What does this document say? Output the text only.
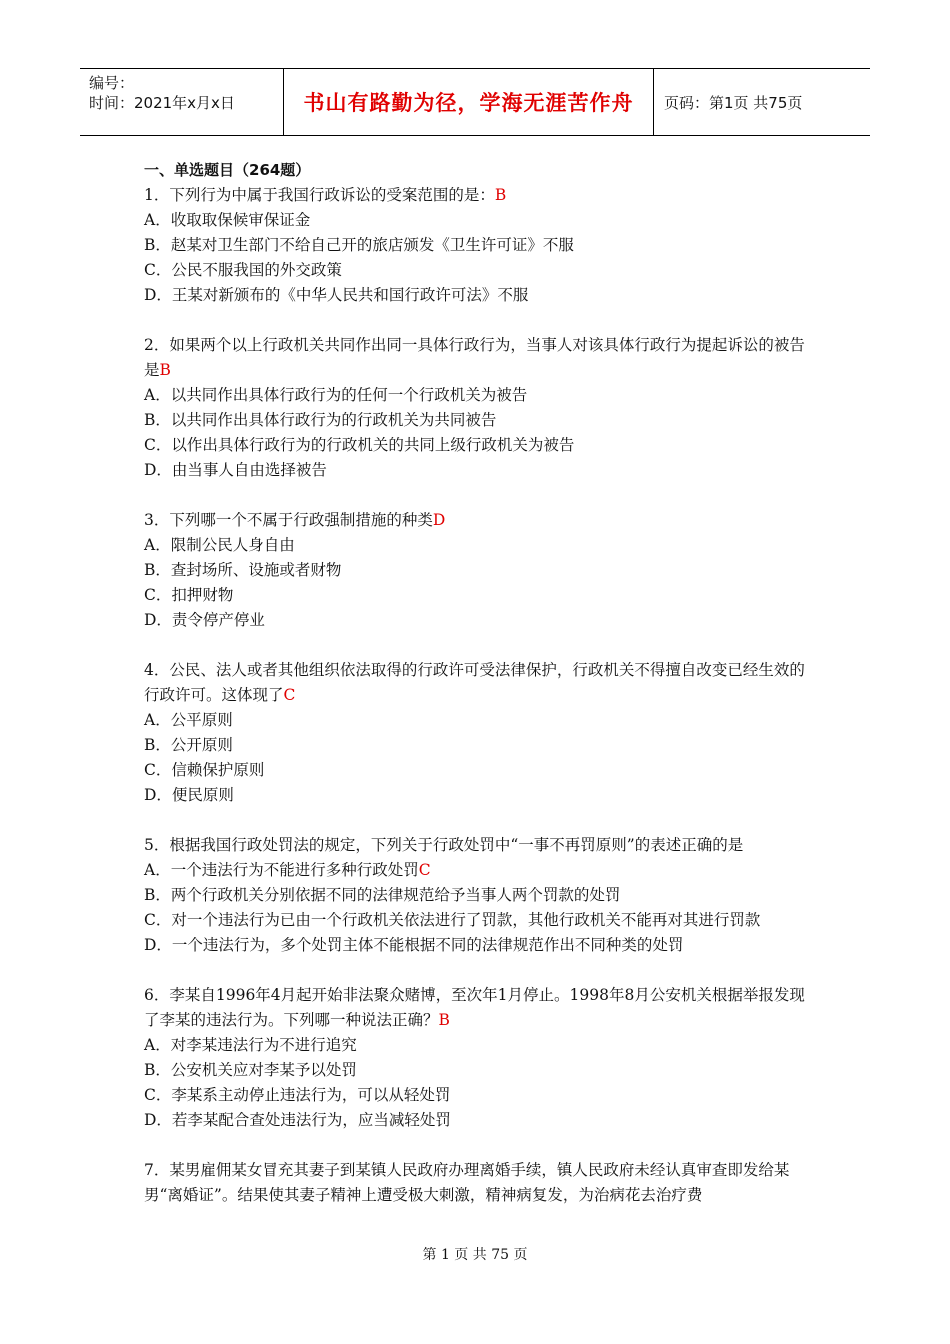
编号：
时间：2021年x月x日	书山有路勤为径，学海无涯苦作舟 页码：第1页 共75页
一、单选题目（264题）

1．下列行为中属于我国行政诉讼的受案范围的是：B

A．收取取保候审保证金

B．赵某对卫生部门不给自己开的旅店颁发《卫生许可证》不服

C．公民不服我国的外交政策

D．王某对新颁布的《中华人民共和国行政许可法》不服

2．如果两个以上行政机关共同作出同一具体行政行为，当事人对该具体行政行为提起诉讼的被告是B

A．以共同作出具体行政行为的任何一个行政机关为被告

B．以共同作出具体行政行为的行政机关为共同被告

C．以作出具体行政行为的行政机关的共同上级行政机关为被告

D．由当事人自由选择被告

3．下列哪一个不属于行政强制措施的种类D

A．限制公民人身自由

B．查封场所、设施或者财物

C．扣押财物

D．责令停产停业

4．公民、法人或者其他组织依法取得的行政许可受法律保护，行政机关不得擅自改变已经生效的行政许可。这体现了C

A．公平原则

B．公开原则

C．信赖保护原则

D．便民原则

5．根据我国行政处罚法的规定，下列关于行政处罚中“一事不再罚原则”的表述正确的是

A．一个违法行为不能进行多种行政处罚C

B．两个行政机关分别依据不同的法律规范给予当事人两个罚款的处罚

C．对一个违法行为已由一个行政机关依法进行了罚款，其他行政机关不能再对其进行罚款

D．一个违法行为，多个处罚主体不能根据不同的法律规范作出不同种类的处罚

6．李某自1996年4月起开始非法聚众赌博，至次年1月停止。1998年8月公安机关根据举报发现了李某的违法行为。下列哪一种说法正确？B

A．对李某违法行为不进行追究

B．公安机关应对李某予以处罚

C．李某系主动停止违法行为，可以从轻处罚

D．若李某配合查处违法行为，应当减轻处罚

7．某男雇佣某女冒充其妻子到某镇人民政府办理离婚手续，镇人民政府未经认真审查即发给某男“离婚证”。结果使其妻子精神上遭受极大刺激，精神病复发，为治病花去治疗费

第 1 页 共 75 页
